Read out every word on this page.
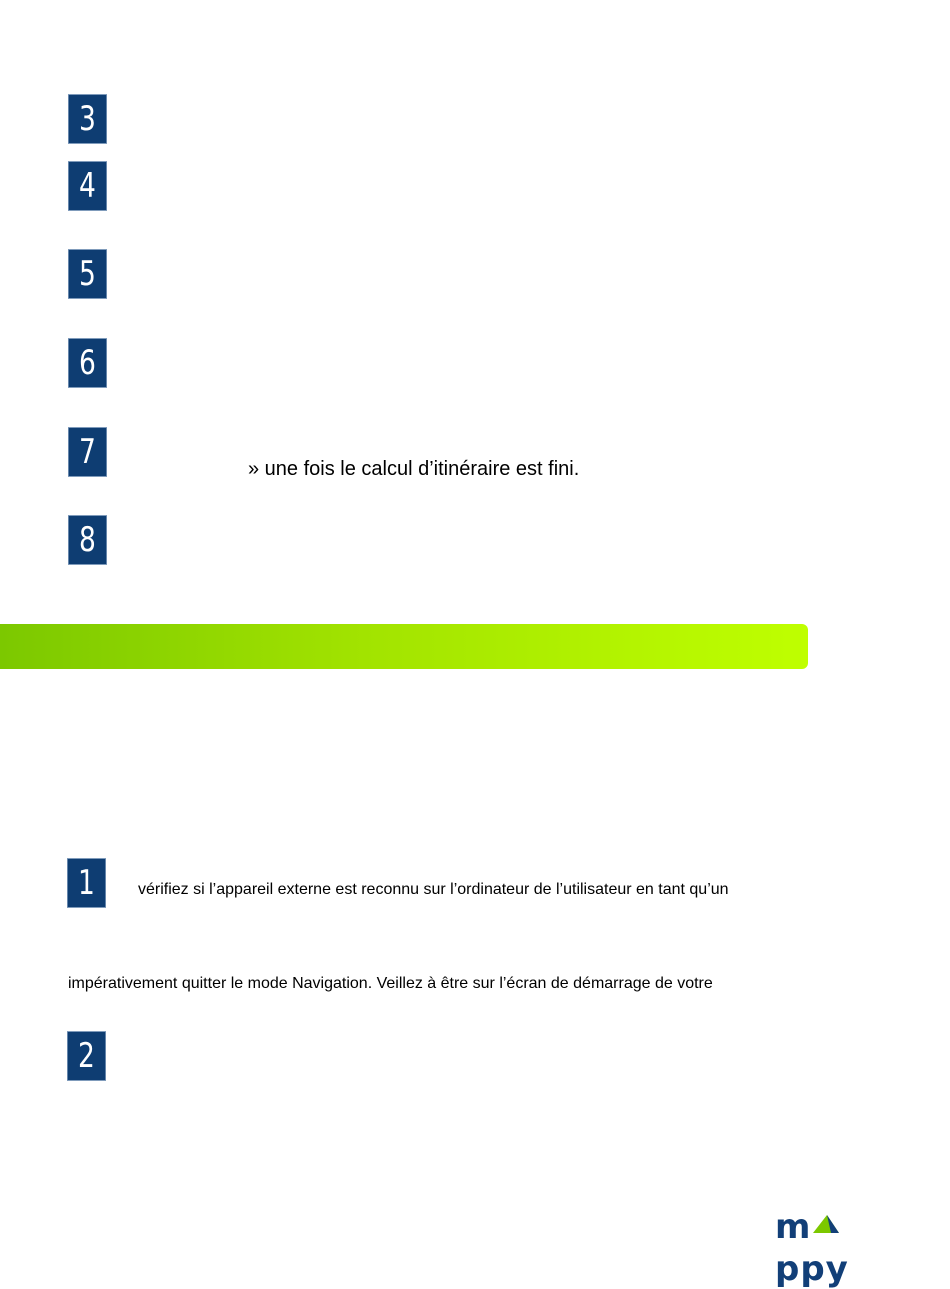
3
4
5
6
7	» une fois le calcul d’itinéraire est fini.
8
1	vérifiez si l’appareil externe est reconnu sur l’ordinateur de l’utilisateur en tant qu’un
impérativement quitter le mode Navigation. Veillez à être sur l’écran de démarrage de votre
2
mppy
